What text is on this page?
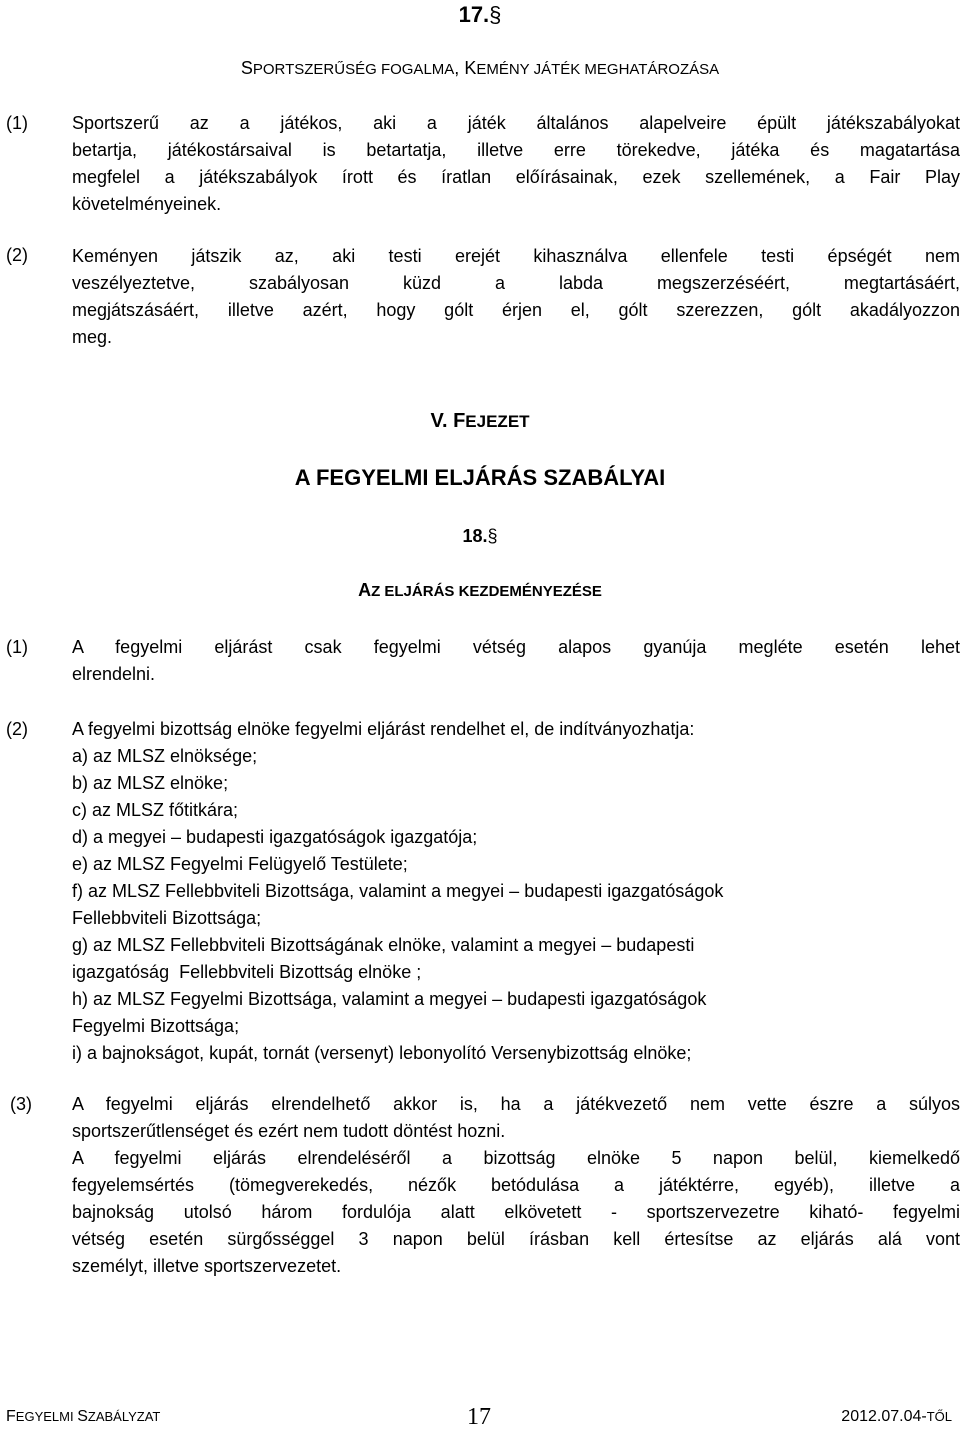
17.§
SPORTSZERŰSÉG FOGALMA, KEMÉNY JÁTÉK MEGHATÁROZÁSA
(1) Sportszerű az a játékos, aki a játék általános alapelveire épült játékszabályokat
betartja, játékostársaival is betartatja, illetve erre törekedve, játéka és magatartása
megfelel a játékszabályok írott és íratlan előírásainak, ezek szellemének, a Fair Play
követelményeinek.
(2) Keményen játszik az, aki testi erejét kihasználva ellenfele testi épségét nem
veszélyeztetve, szabályosan küzd a labda megszerzéséért, megtartásáért,
megjátszásáért, illetve azért, hogy gólt érjen el, gólt szerezzen, gólt akadályozzon
meg.
V. FEJEZET
A FEGYELMI ELJÁRÁS SZABÁLYAI
18.§
AZ ELJÁRÁS KEZDEMÉNYEZÉSE
(1) A fegyelmi eljárást csak fegyelmi vétség alapos gyanúja megléte esetén lehet
elrendelni.
(2) A fegyelmi bizottság elnöke fegyelmi eljárást rendelhet el, de indítványozhatja:
a) az MLSZ elnöksége;
b) az MLSZ elnöke;
c) az MLSZ főtitkára;
d) a megyei – budapesti igazgatóságok igazgatója;
e) az MLSZ Fegyelmi Felügyelő Testülete;
f) az MLSZ Fellebbviteli Bizottsága, valamint a megyei – budapesti igazgatóságok
Fellebbviteli Bizottsága;
g) az MLSZ Fellebbviteli Bizottságának elnöke, valamint a megyei – budapesti
igazgatóság  Fellebbviteli Bizottság elnöke ;
h) az MLSZ Fegyelmi Bizottsága, valamint a megyei – budapesti igazgatóságok
Fegyelmi Bizottsága;
i) a bajnokságot, kupát, tornát (versenyt) lebonyolító Versenybizottság elnöke;
(3) A fegyelmi eljárás elrendelhető akkor is, ha a játékvezető nem vette észre a súlyos
sportszerűtlenséget és ezért nem tudott döntést hozni.
A fegyelmi eljárás elrendeléséről a bizottság elnöke 5 napon belül, kiemelkedő
fegyelemsértés (tömegverekedés, nézők betódulása a játéktérre, egyéb), illetve a
bajnokság utolsó három fordulója alatt elkövetett - sportszervezetre kiható- fegyelmi
vétség esetén sürgősséggel 3 napon belül írásban kell értesítse az eljárás alá vont
személyt, illetve sportszervezetet.
FEGYELMI SZABÁLYZAT	17	2012.07.04-TŐL
